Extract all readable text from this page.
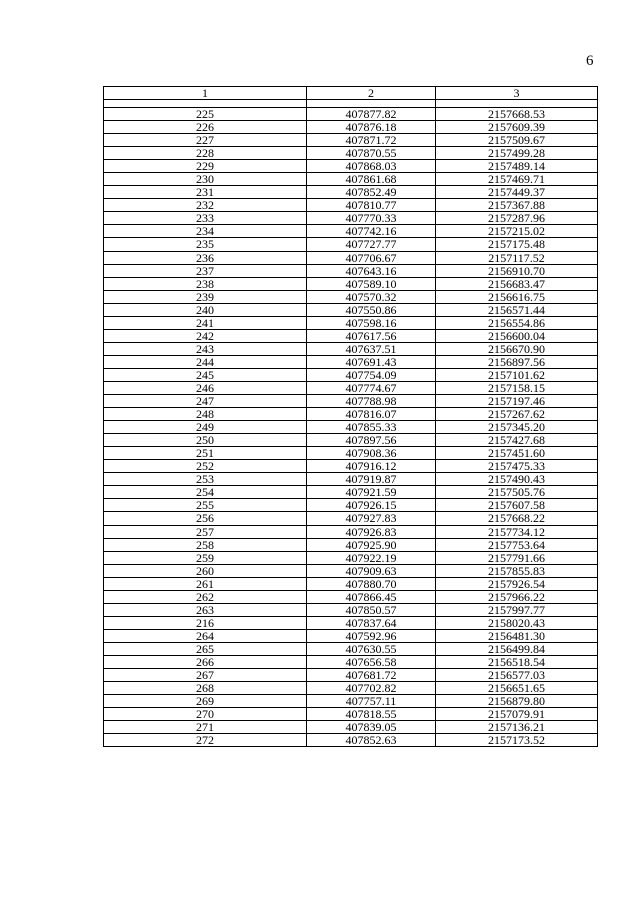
6
1	2	3

225	407877.82	2157668.53
226	407876.18	2157609.39
227	407871.72	2157509.67
228	407870.55	2157499.28
229	407868.03	2157489.14
230	407861.68	2157469.71
231	407852.49	2157449.37
232	407810.77	2157367.88
233	407770.33	2157287.96
234	407742.16	2157215.02
235	407727.77	2157175.48
236	407706.67	2157117.52
237	407643.16	2156910.70
238	407589.10	2156683.47
239	407570.32	2156616.75
240	407550.86	2156571.44
241	407598.16	2156554.86
242	407617.56	2156600.04
243	407637.51	2156670.90
244	407691.43	2156897.56
245	407754.09	2157101.62
246	407774.67	2157158.15
247	407788.98	2157197.46
248	407816.07	2157267.62
249	407855.33	2157345.20
250	407897.56	2157427.68
251	407908.36	2157451.60
252	407916.12	2157475.33
253	407919.87	2157490.43
254	407921.59	2157505.76
255	407926.15	2157607.58
256	407927.83	2157668.22
257	407926.83	2157734.12
258	407925.90	2157753.64
259	407922.19	2157791.66
260	407909.63	2157855.83
261	407880.70	2157926.54
262	407866.45	2157966.22
263	407850.57	2157997.77
216	407837.64	2158020.43
264	407592.96	2156481.30
265	407630.55	2156499.84
266	407656.58	2156518.54
267	407681.72	2156577.03
268	407702.82	2156651.65
269	407757.11	2156879.80
270	407818.55	2157079.91
271	407839.05	2157136.21
272	407852.63	2157173.52
